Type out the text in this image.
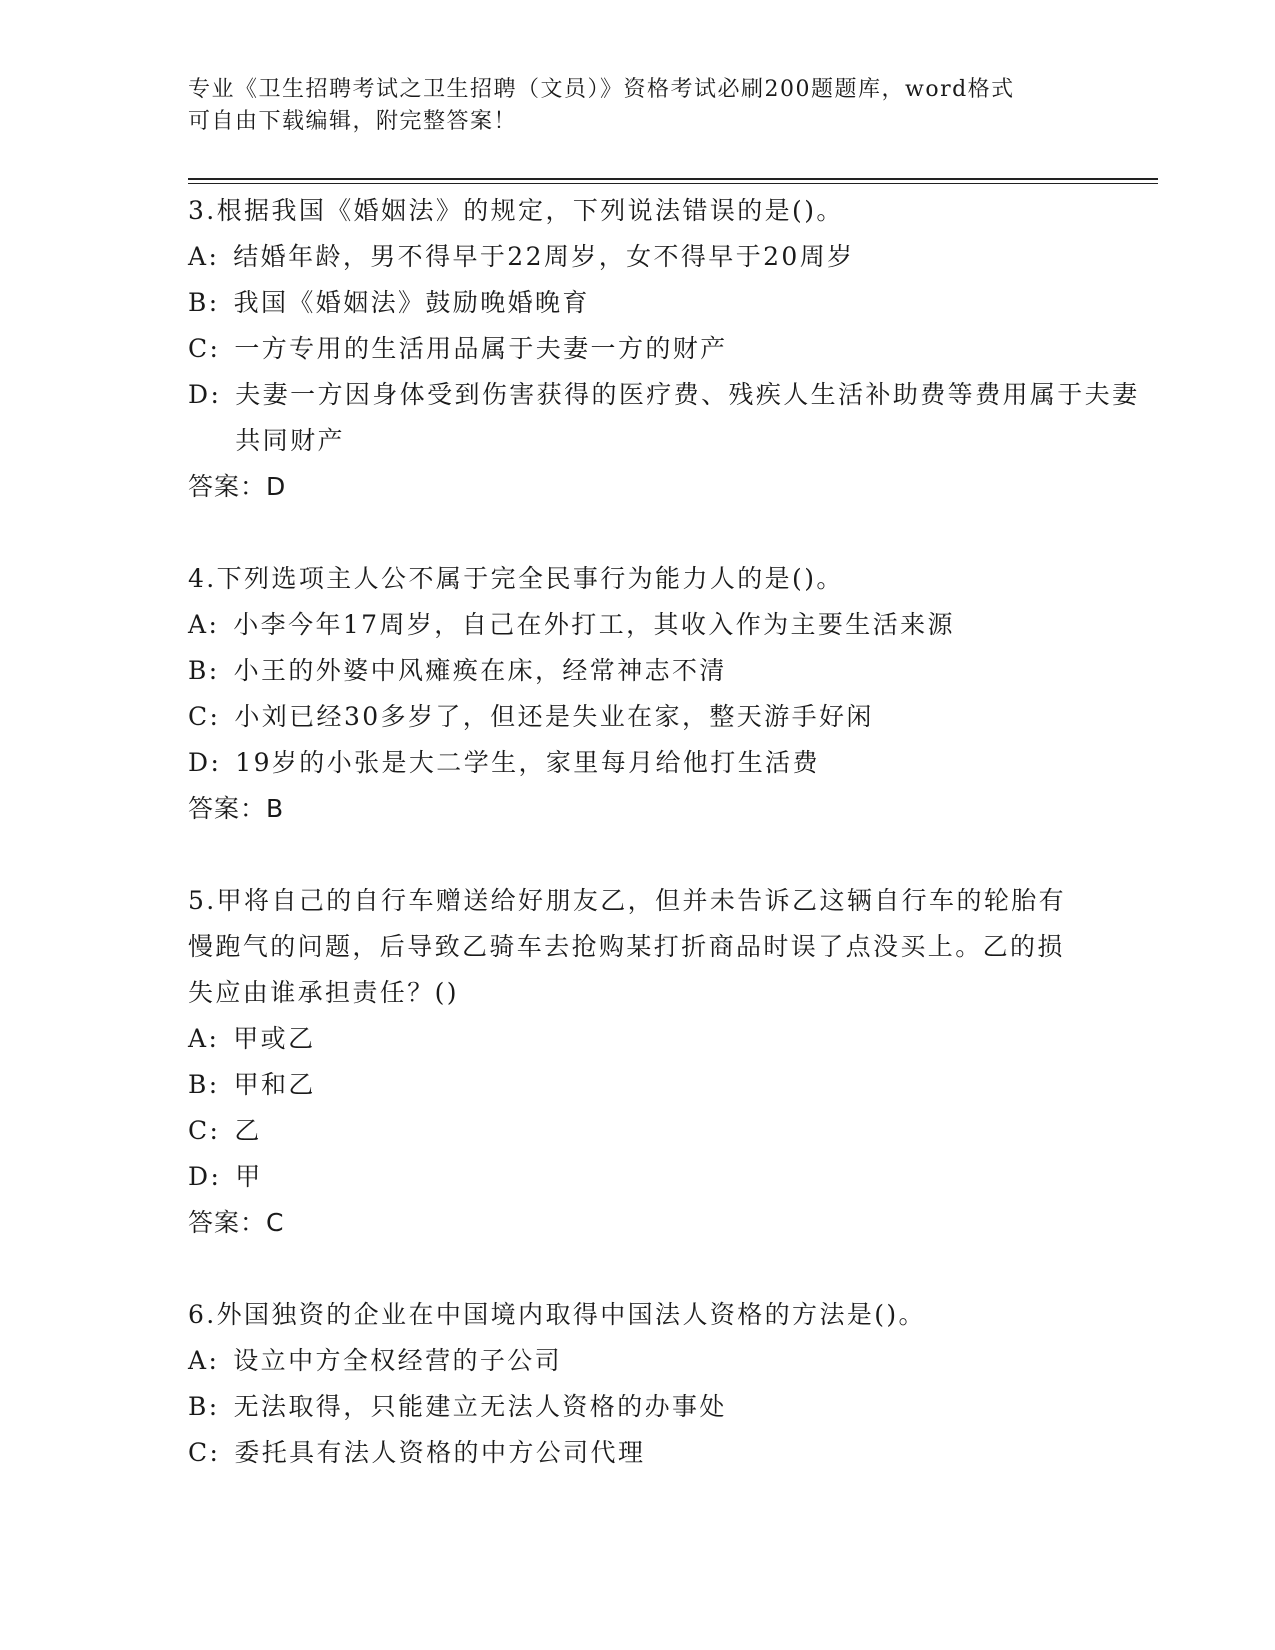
专业《卫生招聘考试之卫生招聘（文员）》资格考试必刷200题题库，word格式
可自由下载编辑，附完整答案！
3.根据我国《婚姻法》的规定，下列说法错误的是()。
A: 结婚年龄，男不得早于22周岁，女不得早于20周岁
B: 我国《婚姻法》鼓励晚婚晚育
C: 一方专用的生活用品属于夫妻一方的财产
D: 夫妻一方因身体受到伤害获得的医疗费、残疾人生活补助费等费用属于夫妻共同财产
答案：D
4.下列选项主人公不属于完全民事行为能力人的是()。
A: 小李今年17周岁，自己在外打工，其收入作为主要生活来源
B: 小王的外婆中风瘫痪在床，经常神志不清
C: 小刘已经30多岁了，但还是失业在家，整天游手好闲
D: 19岁的小张是大二学生，家里每月给他打生活费
答案：B
5.甲将自己的自行车赠送给好朋友乙，但并未告诉乙这辆自行车的轮胎有慢跑气的问题，后导致乙骑车去抢购某打折商品时误了点没买上。乙的损失应由谁承担责任？()
A: 甲或乙
B: 甲和乙
C: 乙
D: 甲
答案：C
6.外国独资的企业在中国境内取得中国法人资格的方法是()。
A: 设立中方全权经营的子公司
B: 无法取得，只能建立无法人资格的办事处
C: 委托具有法人资格的中方公司代理
